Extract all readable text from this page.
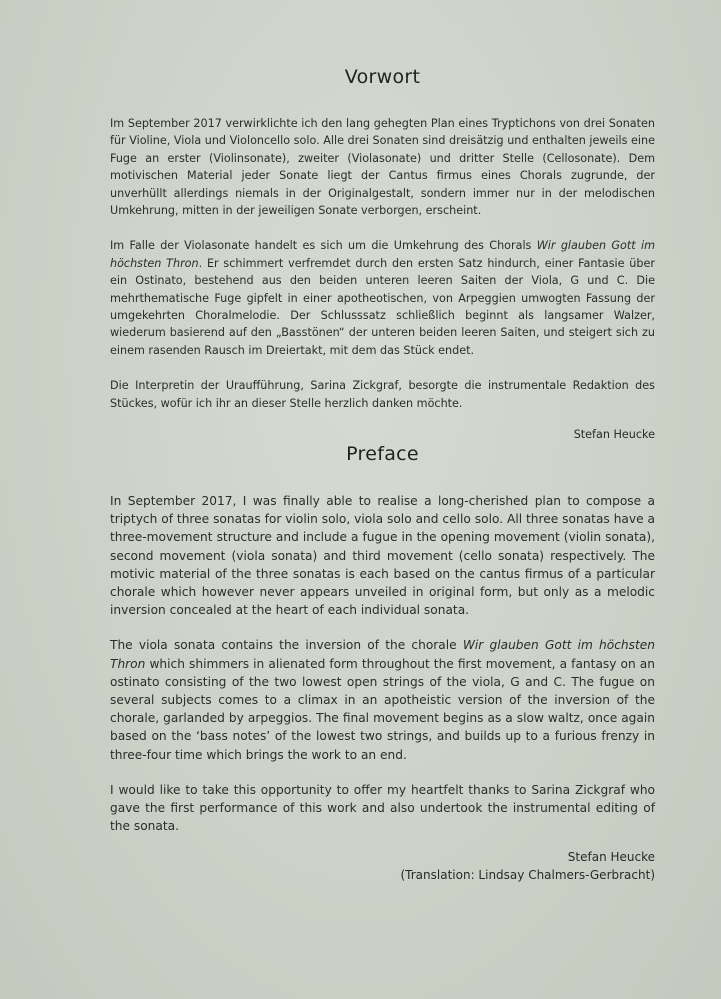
Vorwort

Im September 2017 verwirklichte ich den lang gehegten Plan eines Tryptichons von drei Sonaten für Violine, Viola und Violoncello solo. Alle drei Sonaten sind dreisätzig und enthalten jeweils eine Fuge an erster (Violinsonate), zweiter (Violasonate) und dritter Stelle (Cellosonate). Dem motivischen Material jeder Sonate liegt der Cantus firmus eines Chorals zugrunde, der unverhüllt allerdings niemals in der Originalgestalt, sondern immer nur in der melodischen Umkehrung, mitten in der jeweiligen Sonate verborgen, erscheint.

Im Falle der Violasonate handelt es sich um die Umkehrung des Chorals Wir glauben Gott im höchsten Thron. Er schimmert verfremdet durch den ersten Satz hindurch, einer Fantasie über ein Ostinato, bestehend aus den beiden unteren leeren Saiten der Viola, G und C. Die mehrthematische Fuge gipfelt in einer apotheotischen, von Arpeggien umwogten Fassung der umgekehrten Choralmelodie. Der Schlusssatz schließlich beginnt als langsamer Walzer, wiederum basierend auf den „Basstönen“ der unteren beiden leeren Saiten, und steigert sich zu einem rasenden Rausch im Dreiertakt, mit dem das Stück endet.

Die Interpretin der Uraufführung, Sarina Zickgraf, besorgte die instrumentale Redaktion des Stückes, wofür ich ihr an dieser Stelle herzlich danken möchte.

Stefan Heucke
Preface

In September 2017, I was finally able to realise a long-cherished plan to compose a triptych of three sonatas for violin solo, viola solo and cello solo. All three sonatas have a three-movement structure and include a fugue in the opening movement (violin sonata), second movement (viola sonata) and third movement (cello sonata) respectively. The motivic material of the three sonatas is each based on the cantus firmus of a particular chorale which however never appears unveiled in original form, but only as a melodic inversion concealed at the heart of each individual sonata.

The viola sonata contains the inversion of the chorale Wir glauben Gott im höchsten Thron which shimmers in alienated form throughout the first movement, a fantasy on an ostinato consisting of the two lowest open strings of the viola, G and C. The fugue on several subjects comes to a climax in an apotheistic version of the inversion of the chorale, garlanded by arpeggios. The final movement begins as a slow waltz, once again based on the ‘bass notes’ of the lowest two strings, and builds up to a furious frenzy in three-four time which brings the work to an end.

I would like to take this opportunity to offer my heartfelt thanks to Sarina Zickgraf who gave the first performance of this work and also undertook the instrumental editing of the sonata.

Stefan Heucke
(Translation: Lindsay Chalmers-Gerbracht)
